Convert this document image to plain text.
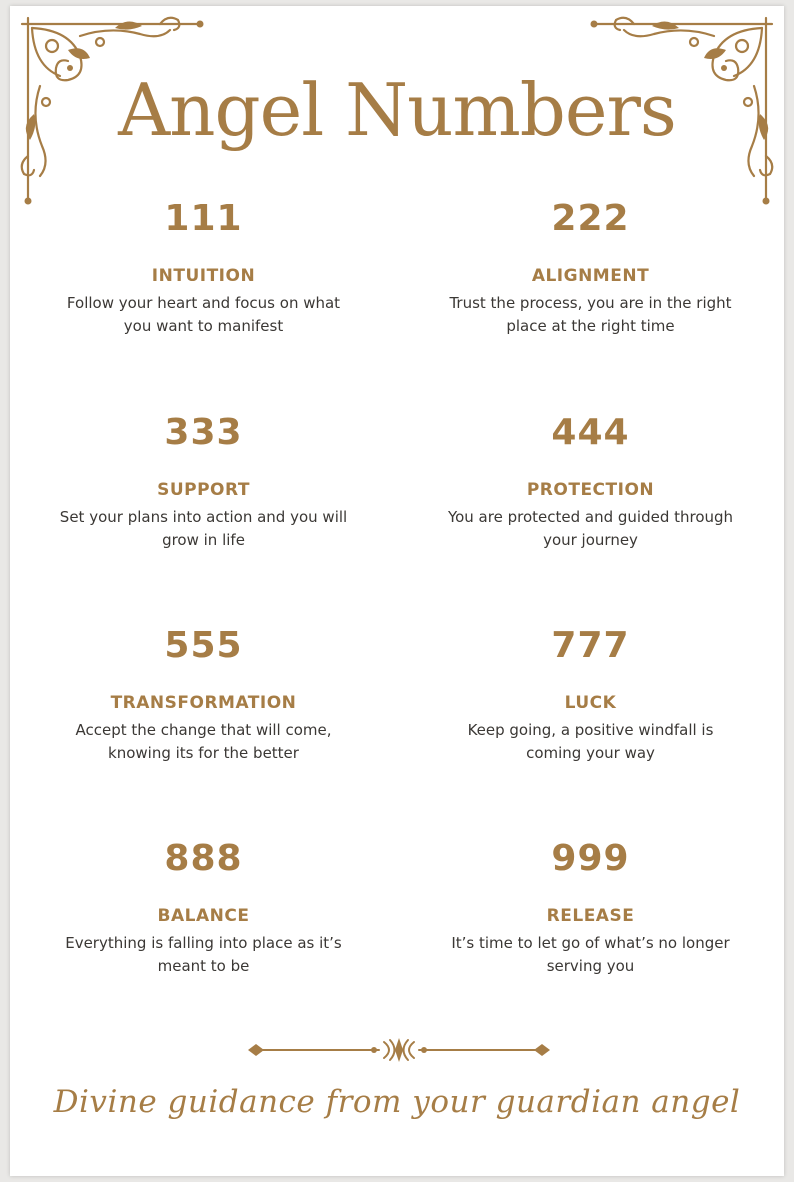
Angel Numbers
111
INTUITION
Follow your heart and focus on what you want to manifest
222
ALIGNMENT
Trust the process, you are in the right place at the right time
333
SUPPORT
Set your plans into action and you will grow in life
444
PROTECTION
You are protected and guided through your journey
555
TRANSFORMATION
Accept the change that will come, knowing its for the better
777
LUCK
Keep going, a positive windfall is coming your way
888
BALANCE
Everything is falling into place as it’s meant to be
999
RELEASE
It’s time to let go of what’s no longer serving you
Divine guidance from your guardian angel
